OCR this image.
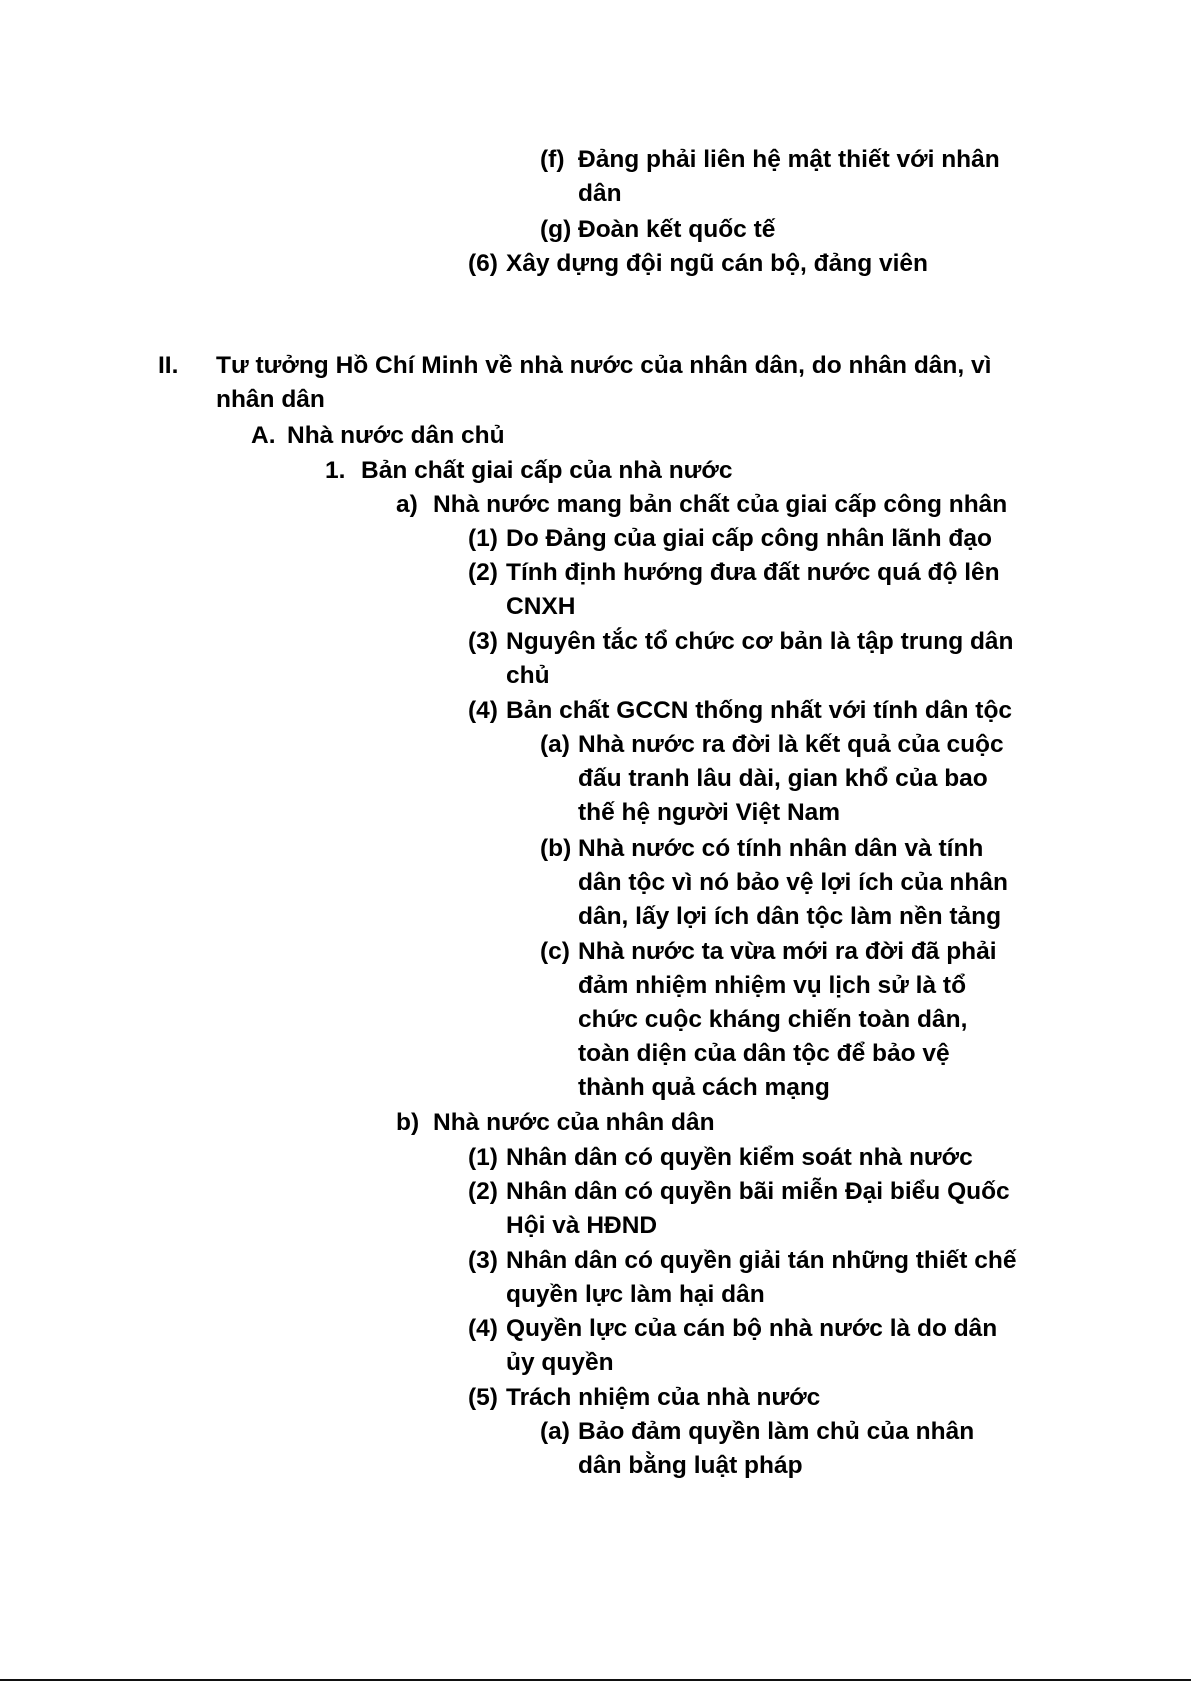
(f) Đảng phải liên hệ mật thiết với nhân
dân
(g) Đoàn kết quốc tế
(6) Xây dựng đội ngũ cán bộ, đảng viên
II.	Tư tưởng Hồ Chí Minh về nhà nước của nhân dân, do nhân dân, vì
nhân dân
A. Nhà nước dân chủ
1. Bản chất giai cấp của nhà nước
a) Nhà nước mang bản chất của giai cấp công nhân
(1) Do Đảng của giai cấp công nhân lãnh đạo
(2) Tính định hướng đưa đất nước quá độ lên
CNXH
(3) Nguyên tắc tổ chức cơ bản là tập trung dân
chủ
(4) Bản chất GCCN thống nhất với tính dân tộc
(a) Nhà nước ra đời là kết quả của cuộc
đấu tranh lâu dài, gian khổ của bao
thế hệ người Việt Nam
(b) Nhà nước có tính nhân dân và tính
dân tộc vì nó bảo vệ lợi ích của nhân
dân, lấy lợi ích dân tộc làm nền tảng
(c) Nhà nước ta vừa mới ra đời đã phải
đảm nhiệm nhiệm vụ lịch sử là tổ
chức cuộc kháng chiến toàn dân,
toàn diện của dân tộc để bảo vệ
thành quả cách mạng
b) Nhà nước của nhân dân
(1) Nhân dân có quyền kiểm soát nhà nước
(2) Nhân dân có quyền bãi miễn Đại biểu Quốc
Hội và HĐND
(3) Nhân dân có quyền giải tán những thiết chế
quyền lực làm hại dân
(4) Quyền lực của cán bộ nhà nước là do dân
ủy quyền
(5) Trách nhiệm của nhà nước
(a) Bảo đảm quyền làm chủ của nhân
dân bằng luật pháp
